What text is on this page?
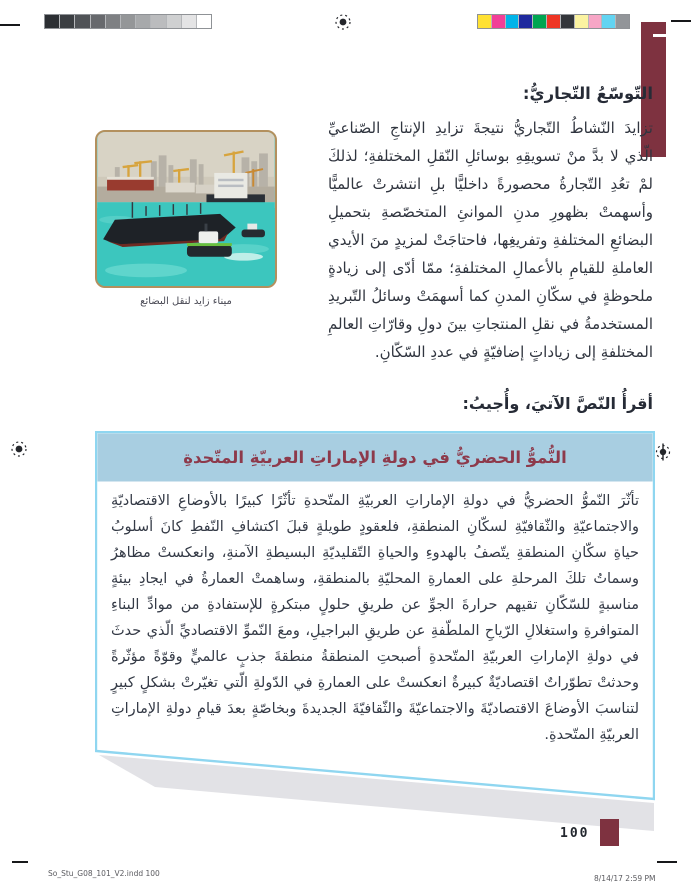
التّوسّعُ التّجاريُّ:
تزايدَ النّشاطُ التّجاريُّ نتيجةَ تزايدِ الإنتاجِ الصّناعيِّ الّذي لا بدَّ منْ تسويقِهِ بوسائلِ النّقلِ المختلفةِ؛ لذلكَ لمْ تعُدِ التّجارةُ محصورةً داخليًّا بلِ انتشرتْ عالميًّا وأسهمتْ بظهورِ مدنِ الموانئِ المتخصّصةِ بتحميلِ البضائعِ المختلفةِ وتفريغِها، فاحتاجَتْ لمزيدٍ منَ الأيدي العاملةِ للقيامِ بالأعمالِ المختلفةِ؛ ممّا أدّى إلى زيادةٍ ملحوظةٍ في سكّانِ المدنِ كما أسهمَتْ وسائلُ التّبريدِ المستخدمةُ في نقلِ المنتجاتِ بينَ دولِ وقارّاتِ العالمِ المختلفةِ إلى زياداتٍ إضافيّةٍ في عددِ السّكّانِ.
ميناء زايد لنقل البضائع
أقرأُ النّصَّ الآتيَ، وأُجيبُ:
النُّموُّ الحضريُّ في دولةِ الإماراتِ العربيّةِ المتّحدةِ
تأثّرَ النّموُّ الحضريُّ في دولةِ الإماراتِ العربيّةِ المتّحدةِ تأثّرًا كبيرًا بالأوضاعِ الاقتصاديّةِ والاجتماعيّةِ والثّقافيّةِ لسكّانِ المنطقةِ، فلعقودٍ طويلةٍ قبلَ اكتشافِ النّفطِ كانَ أسلوبُ حياةِ سكّانِ المنطقةِ يتّصفُ بالهدوءِ والحياةِ التّقليديّةِ البسيطةِ الآمنةِ، وانعكستْ مظاهرُ وسماتُ تلكَ المرحلةِ على العمارةِ المحليّةِ بالمنطقةِ، وساهمتْ العمارةُ في ايجادِ بيئةٍ مناسبةٍ للسّكّانِ تقيهم حرارةَ الجوِّ عن طريقِ حلولٍ مبتكرةٍ للإستفادةِ من موادِّ البناءِ المتوافرةِ واستغلالِ الرّياحِ الملطّفةِ عن طريقِ البراجيلِ، ومعَ النّموِّ الاقتصاديِّ الّذي حدثَ في دولةِ الإماراتِ العربيّةِ المتّحدةِ أصبحتِ المنطقةُ منطقةَ جذبٍ عالميٍّ وقوّةً مؤثّرةً وحدثتْ تطوّراتٌ اقتصاديّةٌ كبيرةٌ انعكستْ على العمارةِ في الدّولةِ الّتي تغيّرتْ بشكلٍ كبيرٍ لتناسبَ الأوضاعَ الاقتصاديّةَ والاجتماعيّةَ والثّقافيّةَ الجديدةَ وبخاصّةٍ بعدَ قيامِ دولةِ الإماراتِ العربيّةِ المتّحدةِ.
100
So_Stu_G08_101_V2.indd 100
8/14/17 2:59 PM
